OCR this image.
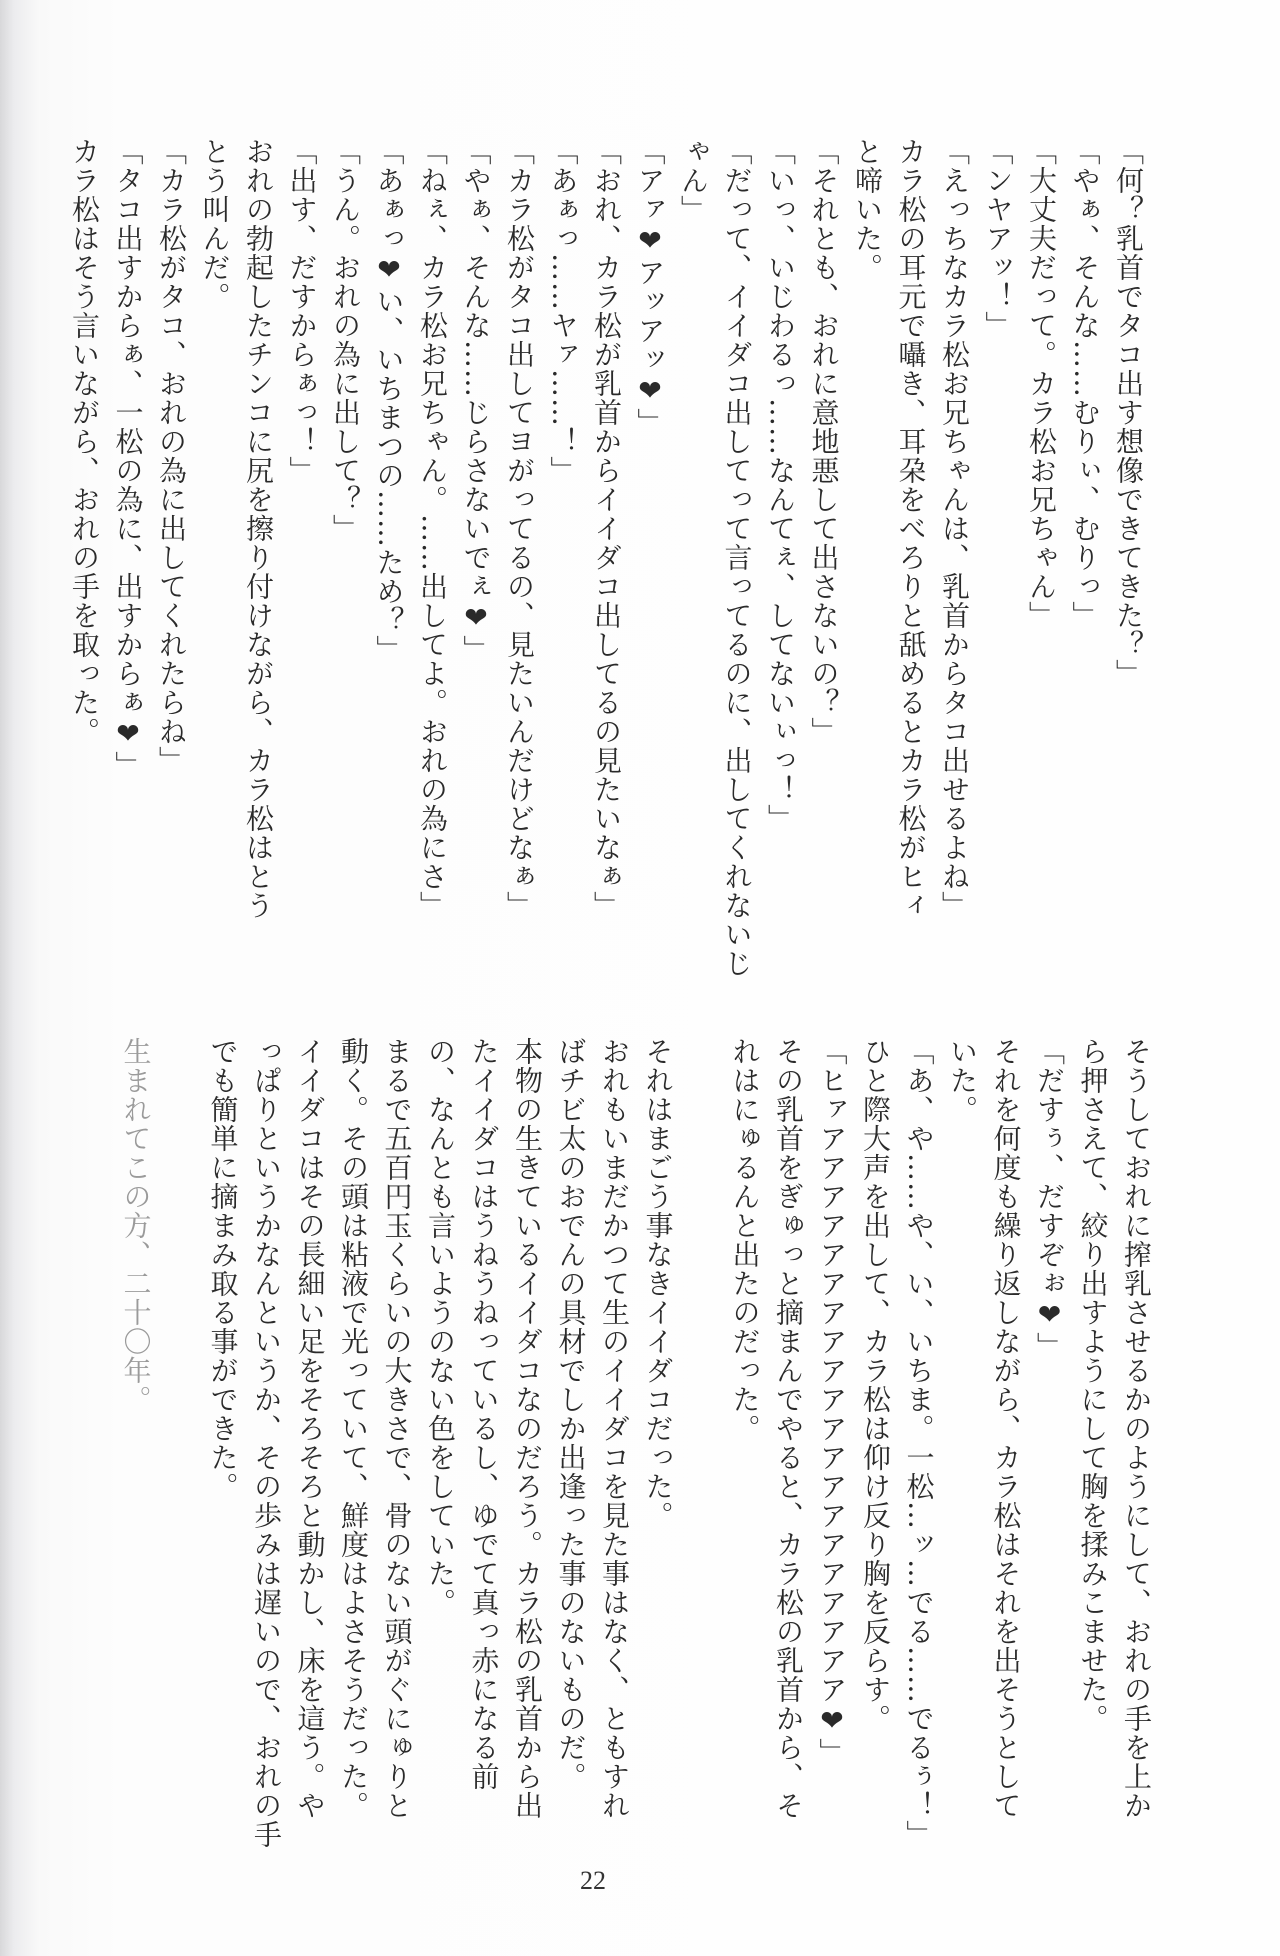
「何？乳首でタコ出す想像できてきた？」
「やぁ、そんな……むりぃ、むりっ」
「大丈夫だって。カラ松お兄ちゃん」
「ンヤアッ！」
「えっちなカラ松お兄ちゃんは、乳首からタコ出せるよね」
カラ松の耳元で囁き、耳朶をべろりと舐めるとカラ松がヒィ
と啼いた。
「それとも、おれに意地悪して出さないの？」
「いっ、いじわるっ……なんてぇ、してないぃっ！」
「だって、イイダコ出してって言ってるのに、出してくれないじ
ゃん」
「アァ❤アッアッ❤」
「おれ、カラ松が乳首からイイダコ出してるの見たいなぁ」
「あぁっ……ヤァ……！」
「カラ松がタコ出してヨがってるの、見たいんだけどなぁ」
「やぁ、そんな……じらさないでぇ❤」
「ねぇ、カラ松お兄ちゃん。……出してよ。おれの為にさ」
「あぁっ❤い、いちまつの……ため？」
「うん。おれの為に出して？」
「出す、だすからぁっ！」
おれの勃起したチンコに尻を擦り付けながら、カラ松はとう
とう叫んだ。
「カラ松がタコ、おれの為に出してくれたらね」
「タコ出すからぁ、一松の為に、出すからぁ❤」
カラ松はそう言いながら、おれの手を取った。
そうしておれに搾乳させるかのようにして、おれの手を上か
ら押さえて、絞り出すようにして胸を揉みこませた。
「だすぅ、だすぞぉ❤」
それを何度も繰り返しながら、カラ松はそれを出そうとして
いた。
「あ、や……や、い、いちま。一松…ッ…でる……でるぅ！」
ひと際大声を出して、カラ松は仰け反り胸を反らす。
「ヒァアアアアアアアアアアアアアアアアアアアア❤」
その乳首をぎゅっと摘まんでやると、カラ松の乳首から、そ
れはにゅるんと出たのだった。
それはまごう事なきイイダコだった。
おれもいまだかつて生のイイダコを見た事はなく、ともすれ
ばチビ太のおでんの具材でしか出逢った事のないものだ。
本物の生きているイイダコなのだろう。カラ松の乳首から出
たイイダコはうねうねっているし、ゆでて真っ赤になる前
の、なんとも言いようのない色をしていた。
まるで五百円玉くらいの大きさで、骨のない頭がぐにゅりと
動く。その頭は粘液で光っていて、鮮度はよさそうだった。
イイダコはその長細い足をそろそろと動かし、床を這う。や
っぱりというかなんというか、その歩みは遅いので、おれの手
でも簡単に摘まみ取る事ができた。
生まれてこの方、二十〇年。
22
